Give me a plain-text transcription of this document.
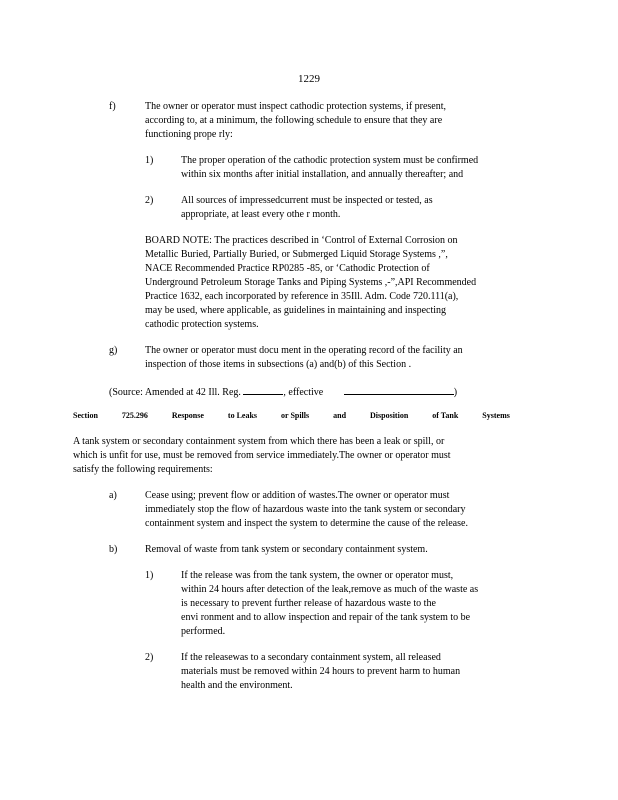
1229
f)	The owner or operator must inspect cathodic protection systems, if present,
according to, at a minimum, the following schedule to ensure that they are
functioning prope rly:
1)	The proper operation of the cathodic protection system must be confirmed
within six months after initial installation, and annually thereafter; and
2)	All sources of impressedcurrent must be inspected or tested, as
appropriate, at least every othe r month.
BOARD NOTE: The practices described in ‘Control of External Corrosion on
Metallic Buried, Partially Buried, or Submerged Liquid Storage Systems ,”,
NACE Recommended Practice RP0285 -85, or ‘Cathodic Protection of
Underground Petroleum Storage Tanks and Piping Systems ,-”,API Recommended
Practice 1632, each incorporated by reference in 35Ill. Adm. Code 720.111(a),
may be used, where applicable, as guidelines in maintaining and inspecting
cathodic protection systems.
g)	The owner or operator must docu ment in the operating record of the facility an
inspection of those items in subsections (a) and(b) of this Section .
(Source: Amended at 42 Ill. Reg.	, effective	)
Section	725.296	Response	to Leaks	or Spills	and	Disposition	of Tank	Systems
A tank system or secondary containment system from which there has been a leak or spill, or
which is unfit for use, must be removed from service immediately.The owner or operator must
satisfy the following requirements:
a)	Cease using; prevent flow or addition of wastes.The owner or operator must
immediately stop the flow of hazardous waste into the tank system or secondary
containment system and inspect the system to determine the cause of the release.
b)	Removal of waste from tank system or secondary containment system.
1)	If the release was from the tank system, the owner or operator must,
within 24 hours after detection of the leak,remove as much of the waste as
is necessary to prevent further release of hazardous waste to the
envi ronment and to allow inspection and repair of the tank system to be
performed.
2)	If the releasewas to a secondary containment system, all released
materials must be removed within 24 hours to prevent harm to human
health and the environment.
